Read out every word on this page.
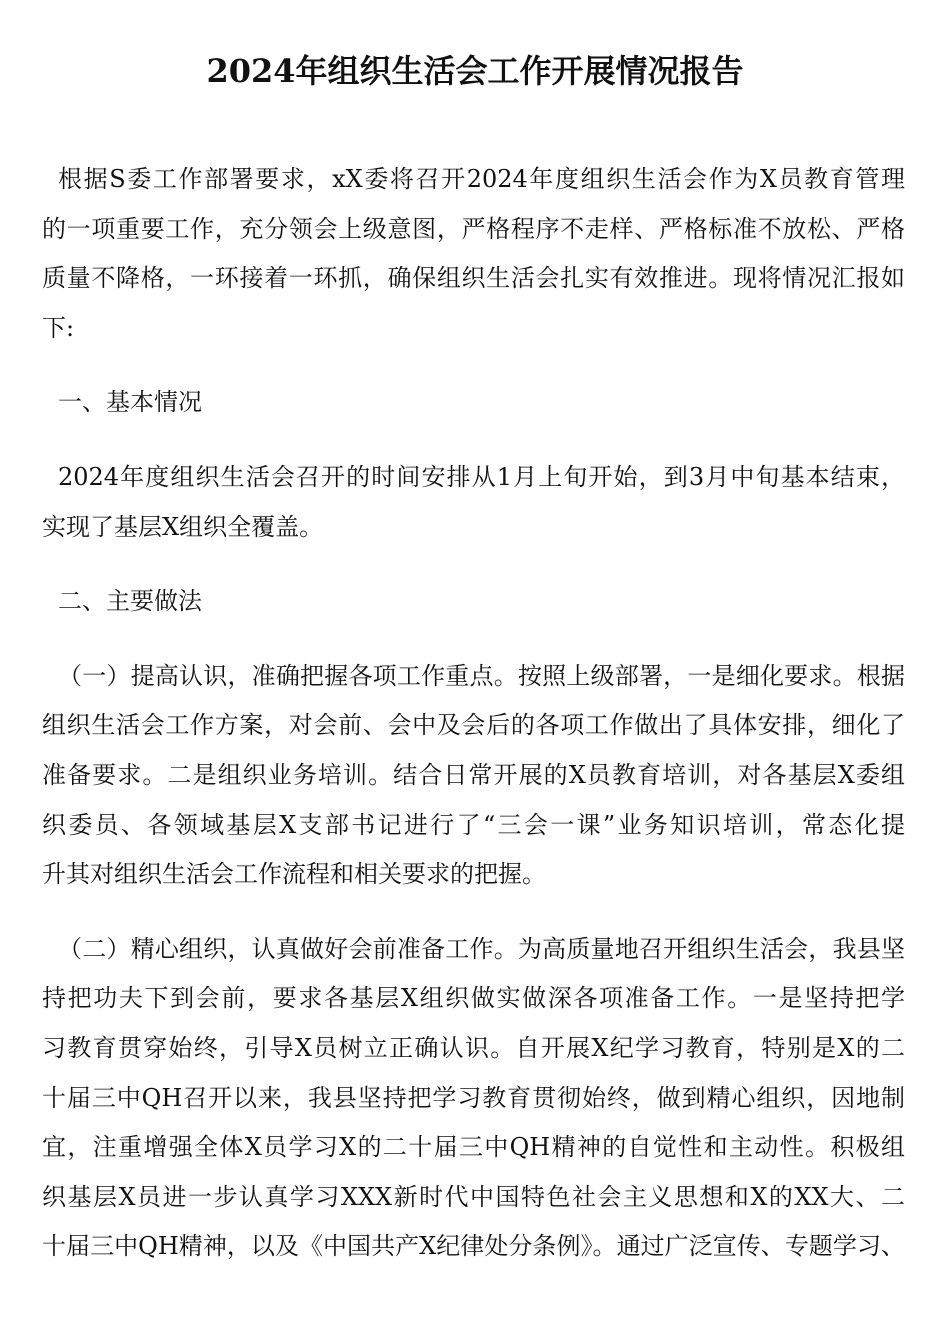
2024年组织生活会工作开展情况报告
根据S委工作部署要求，xX委将召开2024年度组织生活会作为X员教育管理
的一项重要工作，充分领会上级意图，严格程序不走样、严格标准不放松、严格
质量不降格，一环接着一环抓，确保组织生活会扎实有效推进。现将情况汇报如
下:
一、基本情况
2024年度组织生活会召开的时间安排从1月上旬开始，到3月中旬基本结束，
实现了基层X组织全覆盖。
二、主要做法
（一）提高认识，准确把握各项工作重点。按照上级部署，一是细化要求。根据
组织生活会工作方案，对会前、会中及会后的各项工作做出了具体安排，细化了
准备要求。二是组织业务培训。结合日常开展的X员教育培训，对各基层X委组
织委员、各领域基层X支部书记进行了“三会一课”业务知识培训，常态化提
升其对组织生活会工作流程和相关要求的把握。
（二）精心组织，认真做好会前准备工作。为高质量地召开组织生活会，我县坚
持把功夫下到会前，要求各基层X组织做实做深各项准备工作。一是坚持把学
习教育贯穿始终，引导X员树立正确认识。自开展X纪学习教育，特别是X的二
十届三中QH召开以来，我县坚持把学习教育贯彻始终，做到精心组织，因地制
宜，注重增强全体X员学习X的二十届三中QH精神的自觉性和主动性。积极组
织基层X员进一步认真学习XXX新时代中国特色社会主义思想和X的XX大、二
十届三中QH精神，以及《中国共产X纪律处分条例》。通过广泛宣传、专题学习、
